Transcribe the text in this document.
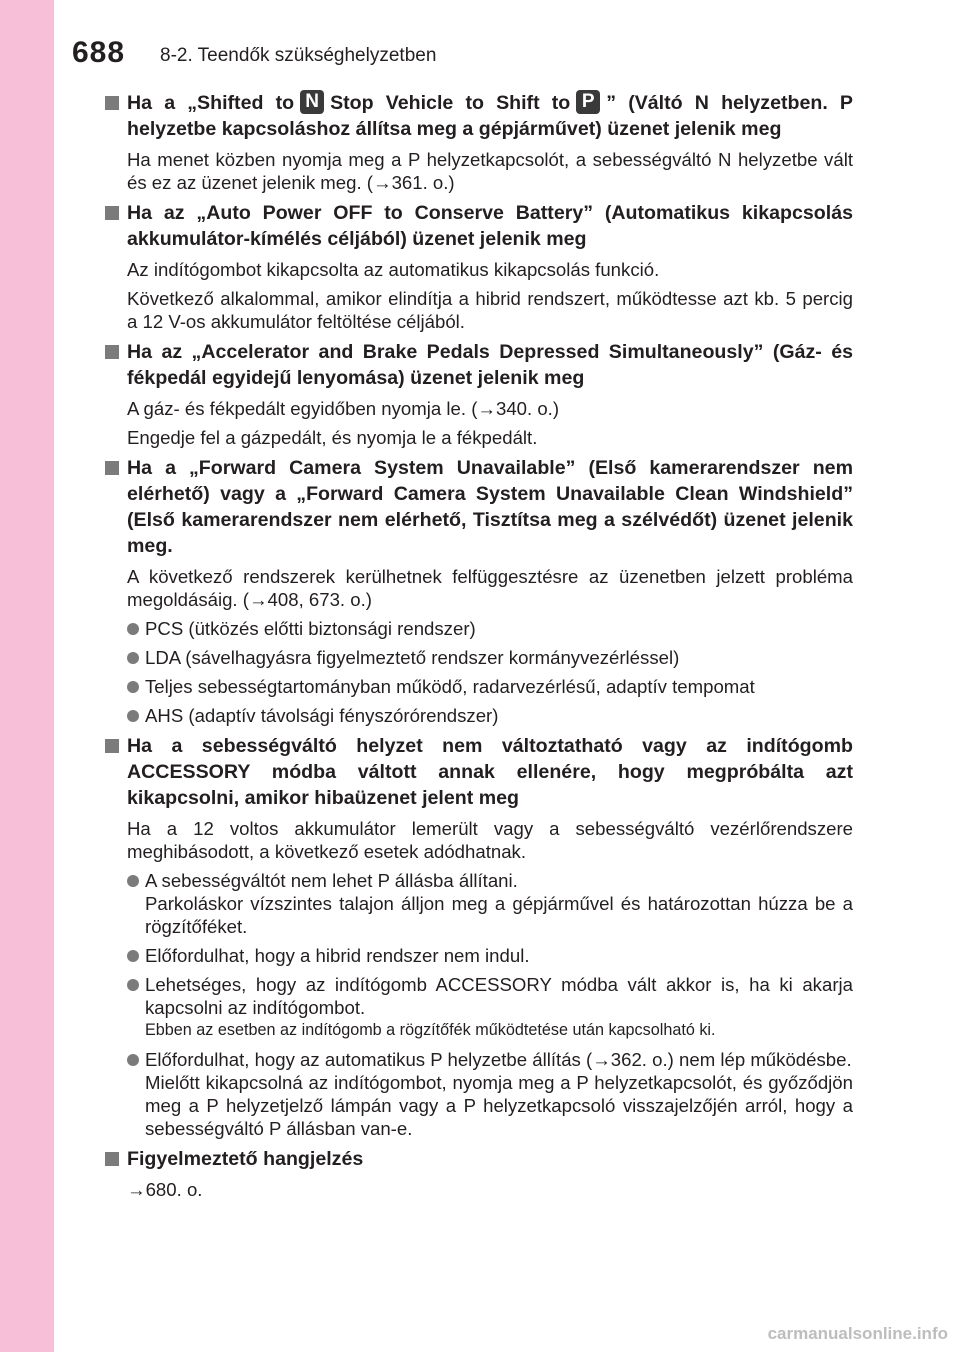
688 8-2. Teendők szükséghelyzetben
Ha a „Shifted to N Stop Vehicle to Shift to P ” (Váltó N helyzetben. P helyzetbe kapcsoláshoz állítsa meg a gépjárművet) üzenet jelenik meg
Ha menet közben nyomja meg a P helyzetkapcsolót, a sebességváltó N helyzetbe vált és ez az üzenet jelenik meg. (→361. o.)
Ha az „Auto Power OFF to Conserve Battery” (Automatikus kikapcsolás akkumulátor-kímélés céljából) üzenet jelenik meg
Az indítógombot kikapcsolta az automatikus kikapcsolás funkció.
Következő alkalommal, amikor elindítja a hibrid rendszert, működtesse azt kb. 5 percig a 12 V-os akkumulátor feltöltése céljából.
Ha az „Accelerator and Brake Pedals Depressed Simultaneously” (Gáz- és fékpedál egyidejű lenyomása) üzenet jelenik meg
A gáz- és fékpedált egyidőben nyomja le. (→340. o.)
Engedje fel a gázpedált, és nyomja le a fékpedált.
Ha a „Forward Camera System Unavailable” (Első kamerarendszer nem elérhető) vagy a „Forward Camera System Unavailable Clean Windshield” (Első kamerarendszer nem elérhető, Tisztítsa meg a szélvédőt) üzenet jelenik meg.
A következő rendszerek kerülhetnek felfüggesztésre az üzenetben jelzett probléma megoldásáig. (→408, 673. o.)
PCS (ütközés előtti biztonsági rendszer)
LDA (sávelhagyásra figyelmeztető rendszer kormányvezérléssel)
Teljes sebességtartományban működő, radarvezérlésű, adaptív tempomat
AHS (adaptív távolsági fényszórórendszer)
Ha a sebességváltó helyzet nem változtatható vagy az indítógomb ACCESSORY módba váltott annak ellenére, hogy megpróbálta azt kikapcsolni, amikor hibaüzenet jelent meg
Ha a 12 voltos akkumulátor lemerült vagy a sebességváltó vezérlőrendszere meghibásodott, a következő esetek adódhatnak.
A sebességváltót nem lehet P állásba állítani.
Parkoláskor vízszintes talajon álljon meg a gépjárművel és határozottan húzza be a rögzítőféket.
Előfordulhat, hogy a hibrid rendszer nem indul.
Lehetséges, hogy az indítógomb ACCESSORY módba vált akkor is, ha ki akarja kapcsolni az indítógombot.
Ebben az esetben az indítógomb a rögzítőfék működtetése után kapcsolható ki.
Előfordulhat, hogy az automatikus P helyzetbe állítás (→362. o.) nem lép működésbe.
Mielőtt kikapcsolná az indítógombot, nyomja meg a P helyzetkapcsolót, és győződjön meg a P helyzetjelző lámpán vagy a P helyzetkapcsoló visszajelzőjén arról, hogy a sebességváltó P állásban van-e.
Figyelmeztető hangjelzés
→680. o.
carmanualsonline.info
